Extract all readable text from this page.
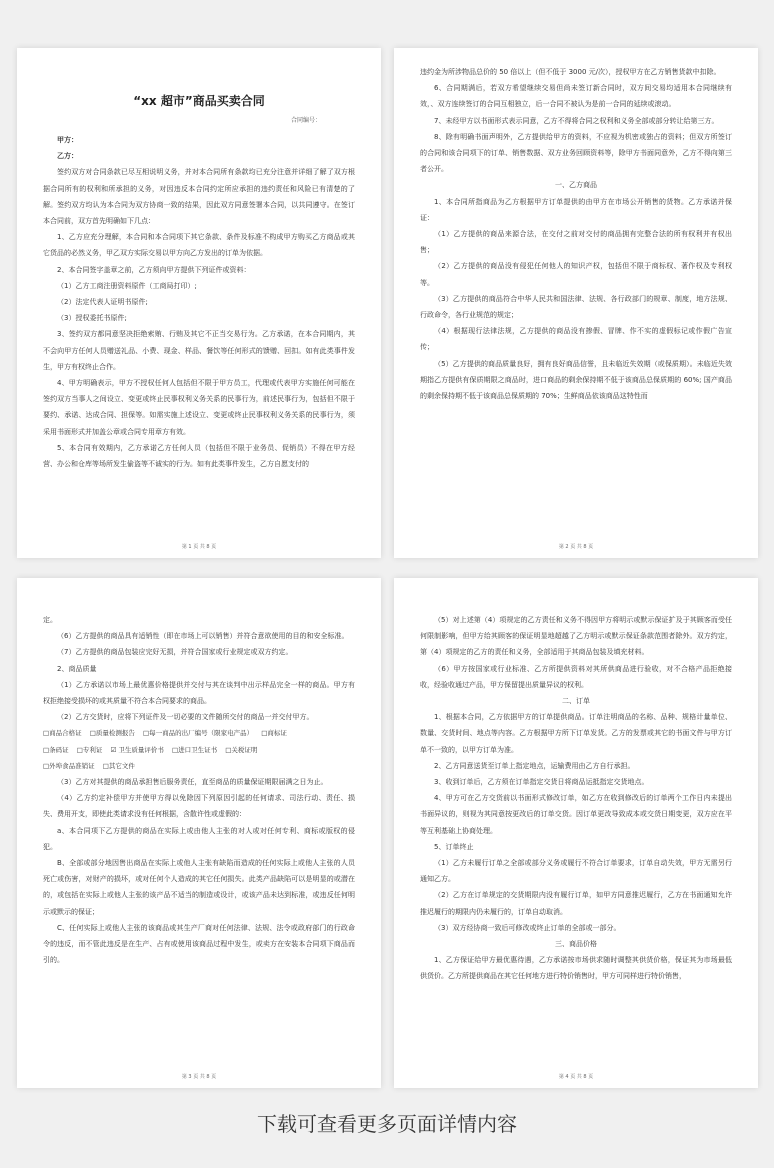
“xx 超市”商品买卖合同
合同编号：

甲方：

乙方：

签约双方对合同条款已尽互相说明义务，并对本合同所有条款均已充分注意并详细了解了双方根据合同所有的权利和所承担的义务，对因违反本合同约定所应承担的违约责任和风险已有清楚的了解。签约双方均认为本合同为双方协商一致的结果，因此双方同意签署本合同，以共同遵守。在签订本合同前，双方首先明确如下几点：

1、乙方应充分理解，本合同和本合同项下其它条款、条件及标准不构成甲方购买乙方商品或其它货品的必然义务，甲乙双方实际交易以甲方向乙方发出的订单为依据。

2、本合同签字盖章之前，乙方须向甲方提供下列证件或资料：

（1）乙方工商注册资料原件（工商局打印）;

（2）法定代表人证明书原件;

（3）授权委托书原件;

3、签约双方都同意坚决拒绝索贿、行贿及其它不正当交易行为。乙方承诺，在本合同期内，其不会向甲方任何人员赠送礼品、小费、现金、样品、餐饮等任何形式的馈赠、回扣。如有此类事件发生，甲方有权终止合作。

4、甲方明确表示，甲方不授权任何人包括但不限于甲方员工，代理或代表甲方实施任何可能在签约双方当事人之间设立、变更或终止民事权利义务关系的民事行为，前述民事行为，包括但不限于要约、承诺、达成合同、担保等。如需实施上述设立、变更或终止民事权利义务关系的民事行为，须采用书面形式并加盖公章或合同专用章方有效。

5、本合同有效期内，乙方承诺乙方任何人员（包括但不限于业务员、促销员）不得在甲方经营、办公和仓库等场所发生偷盗等不诚实的行为。如有此类事件发生，乙方自愿支付的

第 1 页 共 8 页

违约金为所涉物品总价的 50 倍以上（但不低于 3000 元/次），授权甲方在乙方销售货款中扣除。

6、合同期满后，若双方希望继续交易但尚未签订新合同时，双方间交易均适用本合同继续有效，、双方连续签订的合同互相独立，后一合同不被认为是前一合同的延续或滚动。

7、未经甲方以书面形式表示同意，乙方不得将合同之权利和义务全部或部分转让给第三方。

8、除有明确书面声明外，乙方提供给甲方的资料，不应视为机密或独占的资料；但双方所签订的合同和该合同项下的订单、销售数据、双方业务回顾资料等，除甲方书面同意外，乙方不得向第三者公开。

一、乙方商品

1、本合同所指商品为乙方根据甲方订单提供的由甲方在市场公开销售的货物。乙方承诺并保证：

（1）乙方提供的商品来源合法，在交付之前对交付的商品拥有完整合法的所有权利并有权出售；

（2）乙方提供的商品没有侵犯任何他人的知识产权，包括但不限于商标权、著作权及专利权等。

（3）乙方提供的商品符合中华人民共和国法律、法规、各行政部门的规章、制度，地方法规、行政命令，各行业规范的规定；

（4）根据现行法律法规，乙方提供的商品没有掺假、冒牌、作不实的虚假标记或作假广告宣传；

（5）乙方提供的商品质量良好，拥有良好商品信誉，且未临近失效期（或保质期）。未临近失效期指乙方提供有保质期限之商品时，进口商品的剩余保持期不低于该商品总保质期的 60%; 国产商品的剩余保持期不低于该商品总保质期的 70%；生鲜商品依该商品这特性而

第 2 页 共 8 页

定。

（6）乙方提供的商品具有适销性（即在市场上可以销售）并符合意欲使用的目的和安全标准。

（7）乙方提供的商品包装应完好无损，并符合国家或行业规定或双方约定。

2、商品质量

（1）乙方承诺以市场上最优惠价格提供并交付与其在谈判中出示样品完全一样的商品。甲方有权拒绝接受损坏的或其质量不符合本合同要求的商品。

（2）乙方交货时，应将下列证件及一切必要的文件随所交付的商品一并交付甲方。

□商品合格证 □质量检测报告 □每一商品的出厂编号（限家电产品） □商标证

□条码证 □专利证 ☑ 卫生质量评价书 □进口卫生证书 □关税证明

□外埠食品准销证 □其它文件

（3）乙方对其提供的商品承担售后服务责任，直至商品的质量保证期限届满之日为止。

（4）乙方约定补偿甲方并使甲方得以免除因下列原因引起的任何请求、司法行动、责任、损失、费用开支，即使此类请求没有任何根据，含散许性或虚假的：

a、本合同项下乙方提供的商品在实际上或由他人主张的对人或对任何专利、商标或版权的侵犯。

B、全部或部分地因售出商品在实际上或他人主张有缺陷而造成的任何实际上或他人主张的人员死亡或伤害，对财产的损坏，或对任何个人造成的其它任何损失。此类产品缺陷可以是明显的或潜在的，或包括在实际上或他人主张的该产品不适当的制造或设计，或该产品未达到标准，或违反任何明示或默示的保证；

C、任何实际上或他人主张的该商品或其生产厂商对任何法律、法规、法令或政府部门的行政命令的违反，而不管此违反是在生产、占有或使用该商品过程中发生，或卖方在安装本合同项下商品而引的。

第 3 页 共 8 页

（5）对上述第（4）项规定的乙方责任和义务不得因甲方将明示或默示保证扩及于其顾客而受任何限制影响，但甲方给其顾客的保证明显地超越了乙方明示或默示保证条款范围者除外。双方约定，第（4）项规定的乙方的责任和义务，全部适用于其商品包装及填充材料。

（6）甲方按国家或行业标准、乙方所提供资料对其所供商品进行验收，对不合格产品拒绝接收，经验收通过产品，甲方保留提出质量异议的权利。

二、订单

1、根据本合同，乙方依据甲方的订单提供商品。订单注明商品的名称、品种、规格计量单位、数量、交货时间、地点等内容。乙方根据甲方所下订单发货。乙方的发票或其它的书面文件与甲方订单不一致的，以甲方订单为准。

2、乙方同意送货至订单上指定地点，运输费用由乙方自行承担。

3、收到订单后，乙方须在订单指定交货日将商品运抵指定交货地点。

4、甲方可在乙方交货前以书面形式修改订单，如乙方在收到修改后的订单两个工作日内未提出书面异议的，则视为其同意按更改后的订单交货。因订单更改导致成本或交货日期变更，双方应在平等互利基础上协商处理。

5、订单终止

（1）乙方未履行订单之全部或部分义务或履行不符合订单要求，订单自动失效，甲方无需另行通知乙方。

（2）乙方在订单规定的交货期限内没有履行订单，如甲方同意推迟履行，乙方在书面通知允许推迟履行的期限内仍未履行的，订单自动取消。

（3）双方经协商一致后可修改或终止订单的全部或一部分。

三、商品价格

1、乙方保证给甲方最优惠待遇，乙方承诺按市场供求随时调整其供货价格，保证其为市场最低供货价。乙方所提供商品在其它任何地方进行特价销售时，甲方可同样进行特价销售，

第 4 页 共 8 页
下载可查看更多页面详情内容
